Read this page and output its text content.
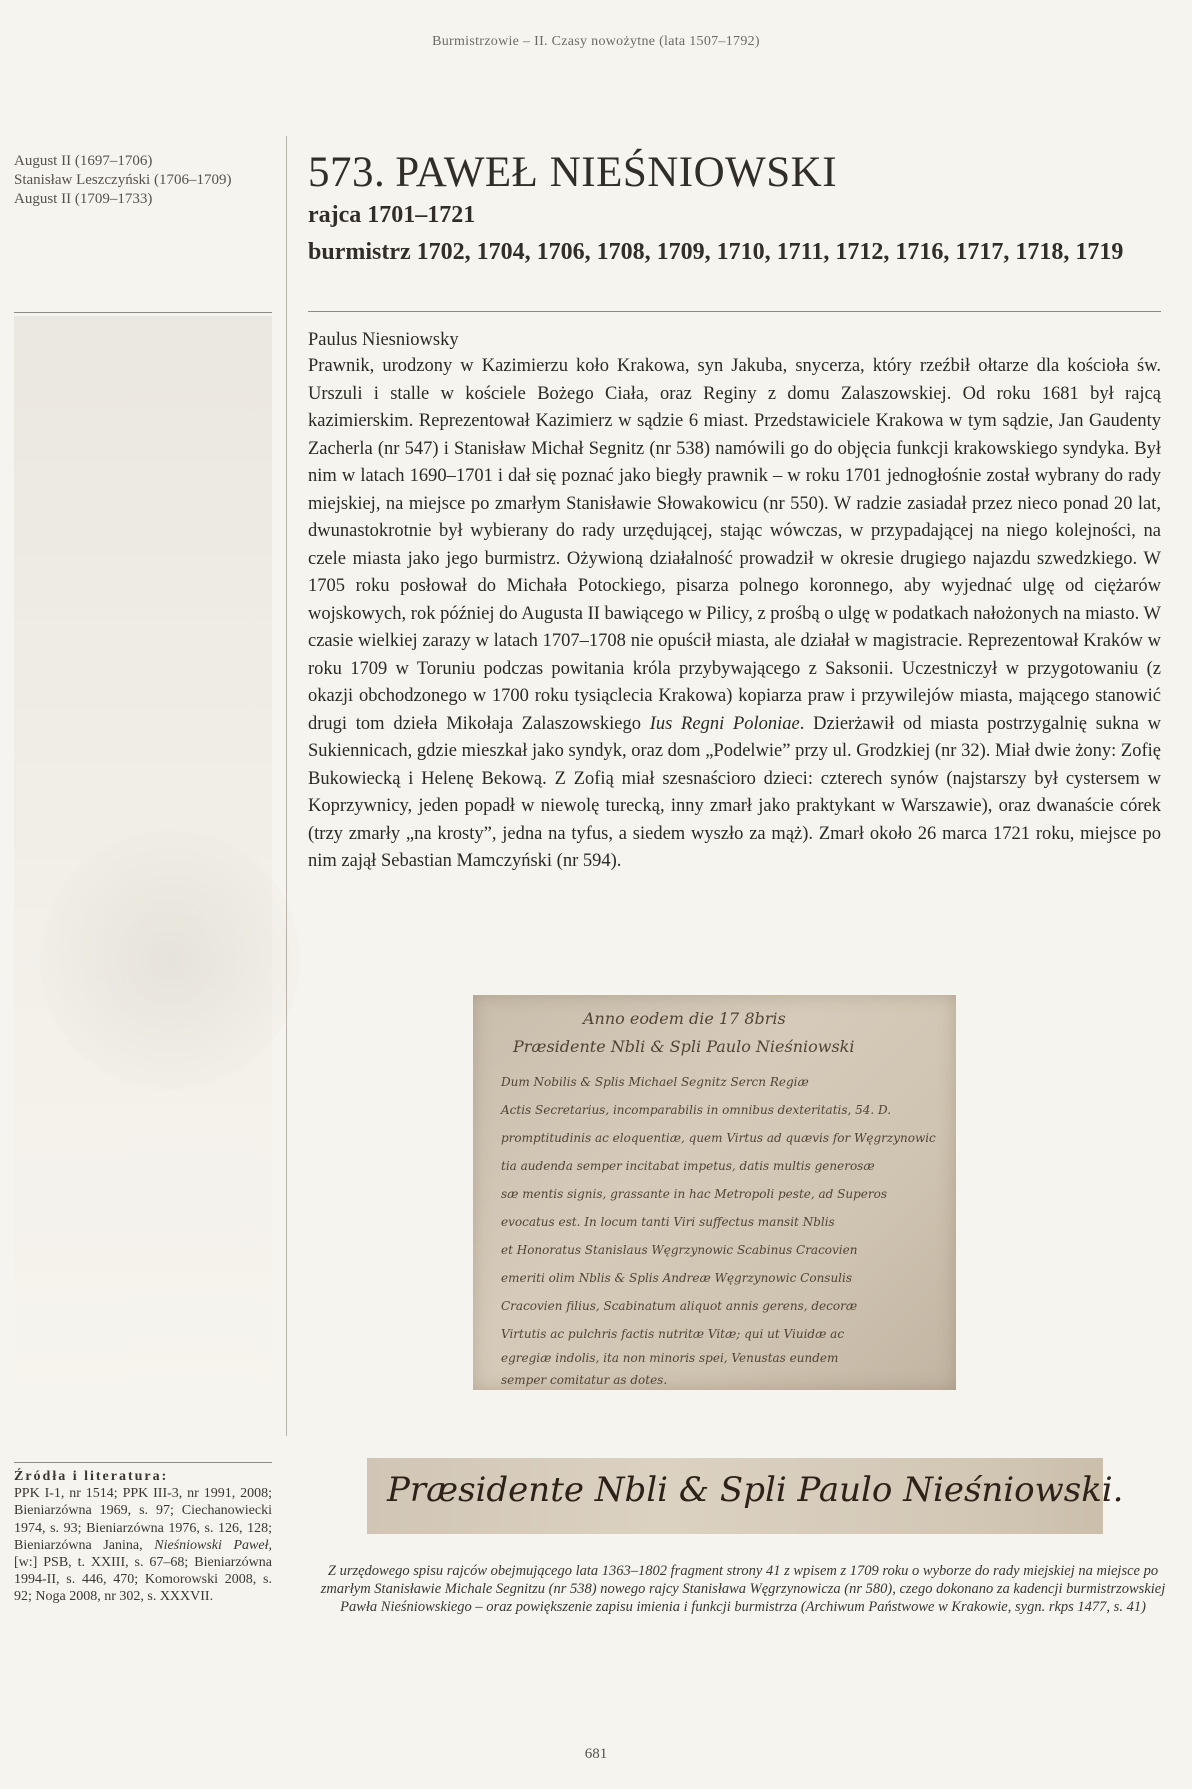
Burmistrzowie – II. Czasy nowożytne (lata 1507–1792)
August II (1697–1706)
Stanisław Leszczyński (1706–1709)
August II (1709–1733)
573. PAWEŁ NIEŚNIOWSKI
rajca 1701–1721
burmistrz 1702, 1704, 1706, 1708, 1709, 1710, 1711, 1712, 1716, 1717, 1718, 1719
Paulus Niesniowsky
Prawnik, urodzony w Kazimierzu koło Krakowa, syn Jakuba, snycerza, który rzeźbił ołtarze dla kościoła św. Urszuli i stalle w kościele Bożego Ciała, oraz Reginy z domu Zalaszowskiej. Od roku 1681 był rajcą kazimierskim. Reprezentował Kazimierz w sądzie 6 miast. Przedstawiciele Krakowa w tym sądzie, Jan Gaudenty Zacherla (nr 547) i Stanisław Michał Segnitz (nr 538) namówili go do objęcia funkcji krakowskiego syndyka. Był nim w latach 1690–1701 i dał się poznać jako biegły prawnik – w roku 1701 jednogłośnie został wybrany do rady miejskiej, na miejsce po zmarłym Stanisławie Słowakowicu (nr 550). W radzie zasiadał przez nieco ponad 20 lat, dwunastokrotnie był wybierany do rady urzędującej, stając wówczas, w przypadającej na niego kolejności, na czele miasta jako jego burmistrz. Ożywioną działalność prowadził w okresie drugiego najazdu szwedzkiego. W 1705 roku posłował do Michała Potockiego, pisarza polnego koronnego, aby wyjednać ulgę od ciężarów wojskowych, rok później do Augusta II bawiącego w Pilicy, z prośbą o ulgę w podatkach nałożonych na miasto. W czasie wielkiej zarazy w latach 1707–1708 nie opuścił miasta, ale działał w magistracie. Reprezentował Kraków w roku 1709 w Toruniu podczas powitania króla przybywającego z Saksonii. Uczestniczył w przygotowaniu (z okazji obchodzonego w 1700 roku tysiąclecia Krakowa) kopiarza praw i przywilejów miasta, mającego stanowić drugi tom dzieła Mikołaja Zalaszowskiego Ius Regni Poloniae. Dzierżawił od miasta postrzygalnię sukna w Sukiennicach, gdzie mieszkał jako syndyk, oraz dom „Podelwie” przy ul. Grodzkiej (nr 32). Miał dwie żony: Zofię Bukowiecką i Helenę Bekową. Z Zofią miał szesnaścioro dzieci: czterech synów (najstarszy był cystersem w Koprzywnicy, jeden popadł w niewolę turecką, inny zmarł jako praktykant w Warszawie), oraz dwanaście córek (trzy zmarły „na krosty”, jedna na tyfus, a siedem wyszło za mąż). Zmarł około 26 marca 1721 roku, miejsce po nim zajął Sebastian Mamczyński (nr 594).
Anno eodem die 17 8bris
Præsidente Nbli & Spli Paulo Nieśniowski
Dum Nobilis & Splis Michael Segnitz Sercn Regiæ
Actis Secretarius, incomparabilis in omnibus dexteritatis, 54. D.
promptitudinis ac eloquentiæ, quem Virtus ad quævis for Węgrzynowic
tia audenda semper incitabat impetus, datis multis generosæ
sæ mentis signis, grassante in hac Metropoli peste, ad Superos
evocatus est. In locum tanti Viri suffectus mansit Nblis
et Honoratus Stanislaus Węgrzynowic Scabinus Cracovien
emeriti olim Nblis & Splis Andreæ Węgrzynowic Consulis
Cracovien filius, Scabinatum aliquot annis gerens, decoræ
Virtutis ac pulchris factis nutritæ Vitæ; qui ut Viuidæ ac
egregiæ indolis, ita non minoris spei, Venustas eundem
semper comitatur as dotes.
Præsidente Nbli & Spli Paulo Nieśniowski.
Źródła i literatura:
PPK I-1, nr 1514; PPK III-3, nr 1991, 2008; Bieniarzówna 1969, s. 97; Ciechanowiecki 1974, s. 93; Bieniarzówna 1976, s. 126, 128; Bieniarzówna Janina, Nieśniowski Paweł, [w:] PSB, t. XXIII, s. 67–68; Bieniarzówna 1994-II, s. 446, 470; Komorowski 2008, s. 92; Noga 2008, nr 302, s. XXXVII.
Z urzędowego spisu rajców obejmującego lata 1363–1802 fragment strony 41 z wpisem z 1709 roku o wyborze do rady miejskiej na miejsce po zmarłym Stanisławie Michale Segnitzu (nr 538) nowego rajcy Stanisława Węgrzynowicza (nr 580), czego dokonano za kadencji burmistrzowskiej Pawła Nieśniowskiego – oraz powiększenie zapisu imienia i funkcji burmistrza (Archiwum Państwowe w Krakowie, sygn. rkps 1477, s. 41)
681
